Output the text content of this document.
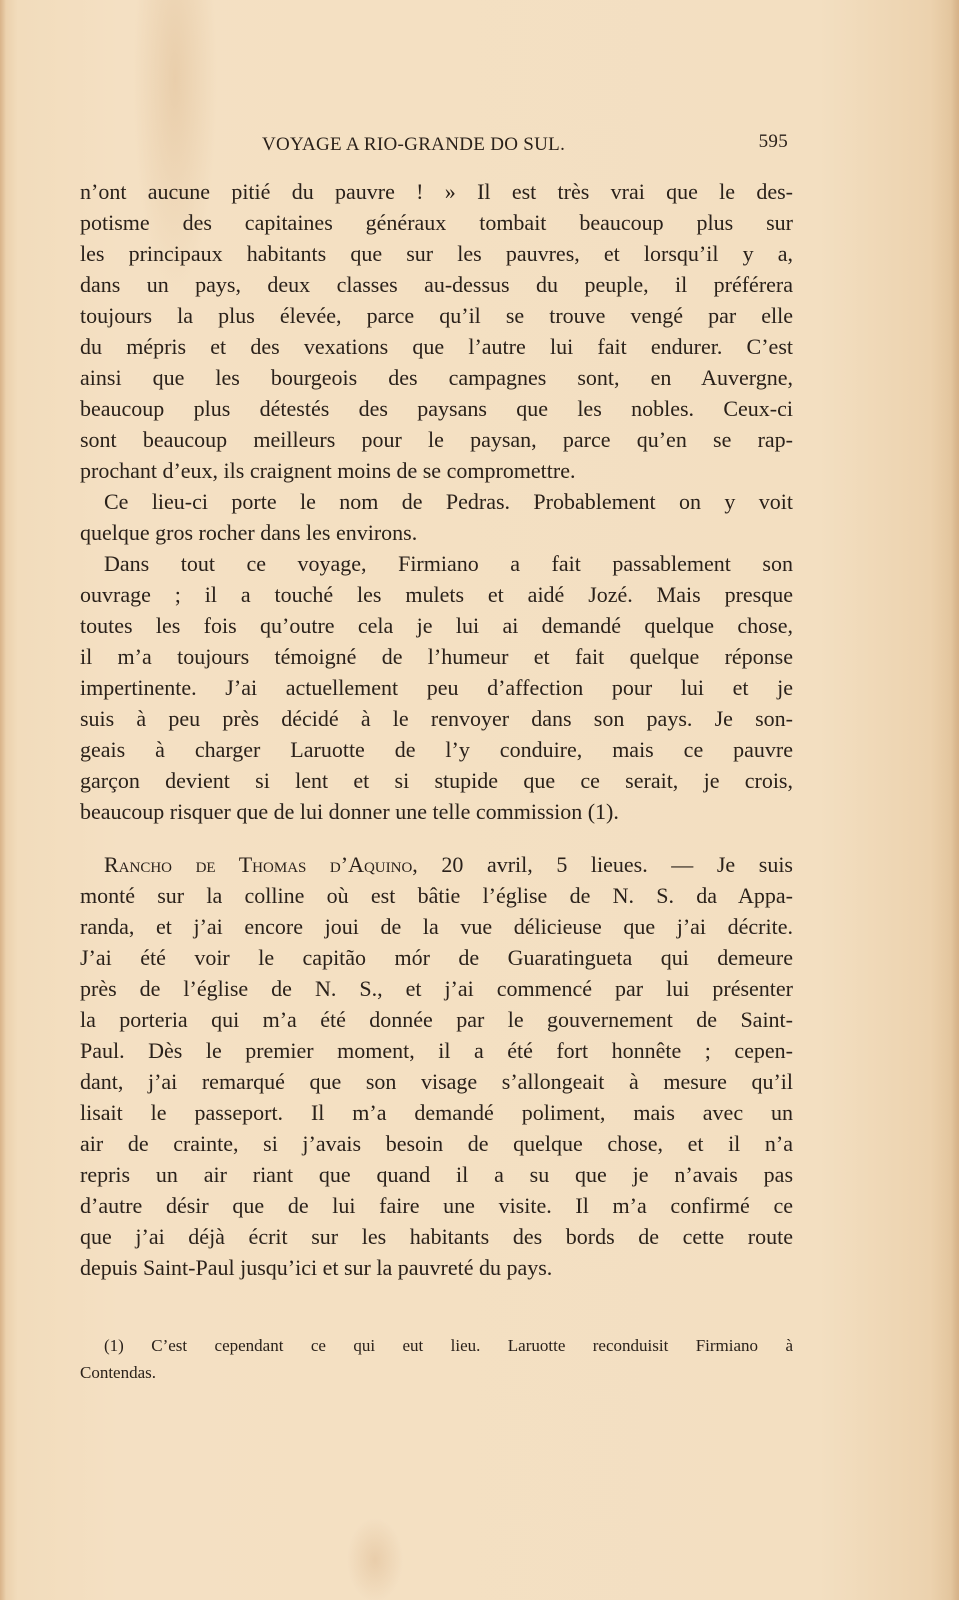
VOYAGE A RIO-GRANDE DO SUL.	595
n’ont aucune pitié du pauvre ! » Il est très vrai que le des-
potisme des capitaines généraux tombait beaucoup plus sur
les principaux habitants que sur les pauvres, et lorsqu’il y a,
dans un pays, deux classes au-dessus du peuple, il préférera
toujours la plus élevée, parce qu’il se trouve vengé par elle
du mépris et des vexations que l’autre lui fait endurer. C’est
ainsi que les bourgeois des campagnes sont, en Auvergne,
beaucoup plus détestés des paysans que les nobles. Ceux-ci
sont beaucoup meilleurs pour le paysan, parce qu’en se rap-
prochant d’eux, ils craignent moins de se compromettre.
Ce lieu-ci porte le nom de Pedras. Probablement on y voit
quelque gros rocher dans les environs.
Dans tout ce voyage, Firmiano a fait passablement son
ouvrage ; il a touché les mulets et aidé Jozé. Mais presque
toutes les fois qu’outre cela je lui ai demandé quelque chose,
il m’a toujours témoigné de l’humeur et fait quelque réponse
impertinente. J’ai actuellement peu d’affection pour lui et je
suis à peu près décidé à le renvoyer dans son pays. Je son-
geais à charger Laruotte de l’y conduire, mais ce pauvre
garçon devient si lent et si stupide que ce serait, je crois,
beaucoup risquer que de lui donner une telle commission (1).
Rancho de Thomas d’Aquino, 20 avril, 5 lieues. — Je suis
monté sur la colline où est bâtie l’église de N. S. da Appa-
randa, et j’ai encore joui de la vue délicieuse que j’ai décrite.
J’ai été voir le capitão mór de Guaratingueta qui demeure
près de l’église de N. S., et j’ai commencé par lui présenter
la porteria qui m’a été donnée par le gouvernement de Saint-
Paul. Dès le premier moment, il a été fort honnête ; cepen-
dant, j’ai remarqué que son visage s’allongeait à mesure qu’il
lisait le passeport. Il m’a demandé poliment, mais avec un
air de crainte, si j’avais besoin de quelque chose, et il n’a
repris un air riant que quand il a su que je n’avais pas
d’autre désir que de lui faire une visite. Il m’a confirmé ce
que j’ai déjà écrit sur les habitants des bords de cette route
depuis Saint-Paul jusqu’ici et sur la pauvreté du pays.
(1) C’est cependant ce qui eut lieu. Laruotte reconduisit Firmiano à
Contendas.
